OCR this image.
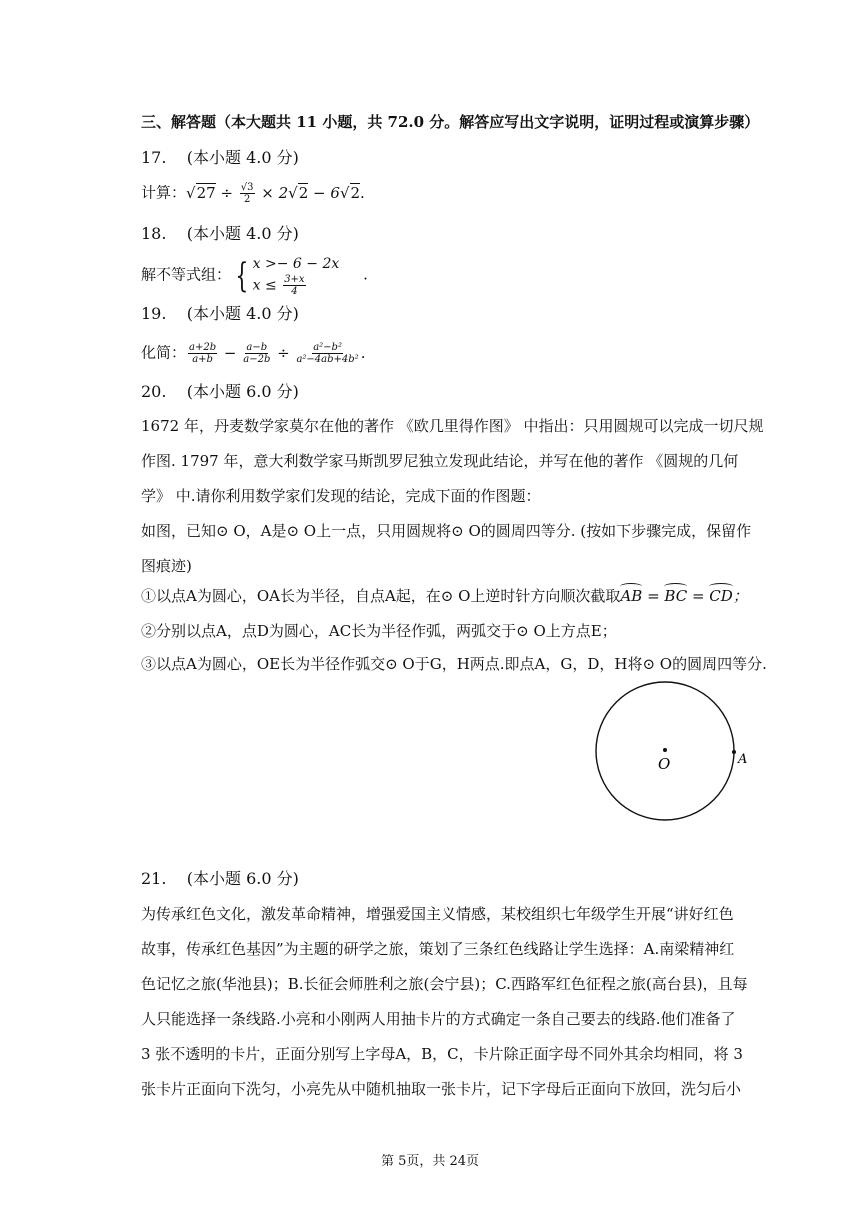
三、解答题（本大题共 11 小题，共 72.0 分。解答应写出文字说明，证明过程或演算步骤）
17. (本小题 4.0 分)
计算：$√27 \div \frac{√3}{2} \times 2√2 - 6√2$.
18. (本小题 4.0 分)
解不等式组： { x >− 6 − 2x
$x \le \frac{3+x}{4}$ .
19. (本小题 4.0 分)
化简： $\frac{a+2b}{a+b} - \frac{a-b}{a-2b} \div \frac{\text{a²−b²}}{\text{a²−4ab+4b²}}$ .
20. (本小题 6.0 分)
1672 年，丹麦数学家莫尔在他的著作 《欧几里得作图》 中指出：只用圆规可以完成一切尺规
作图. 1797 年，意大利数学家马斯凯罗尼独立发现此结论，并写在他的著作 《圆规的几何
学》 中.请你利用数学家们发现的结论，完成下面的作图题：
如图，已知⊙ O，A是⊙ O上一点，只用圆规将⊙ O的圆周四等分. (按如下步骤完成，保留作
图痕迹)
①以点A为圆心，OA长为半径，自点A起，在⊙ O上逆时针方向顺次截取AB = BC = CD；
②分别以点A，点D为圆心，AC长为半径作弧，两弧交于⊙ O上方点E；
③以点A为圆心，OE长为半径作弧交⊙ O于G，H两点.即点A，G，D，H将⊙ O的圆周四等分.
O	A
21. (本小题 6.0 分)
为传承红色文化，激发革命精神，增强爱国主义情感，某校组织七年级学生开展“讲好红色
故事，传承红色基因”为主题的研学之旅，策划了三条红色线路让学生选择：A.南梁精神红
色记忆之旅(华池县)；B.长征会师胜利之旅(会宁县)；C.西路军红色征程之旅(高台县)，且每
人只能选择一条线路.小亮和小刚两人用抽卡片的方式确定一条自己要去的线路.他们准备了
3 张不透明的卡片，正面分别写上字母A，B，C，卡片除正面字母不同外其余均相同，将 3
张卡片正面向下洗匀，小亮先从中随机抽取一张卡片，记下字母后正面向下放回，洗匀后小
第 5页，共 24页
